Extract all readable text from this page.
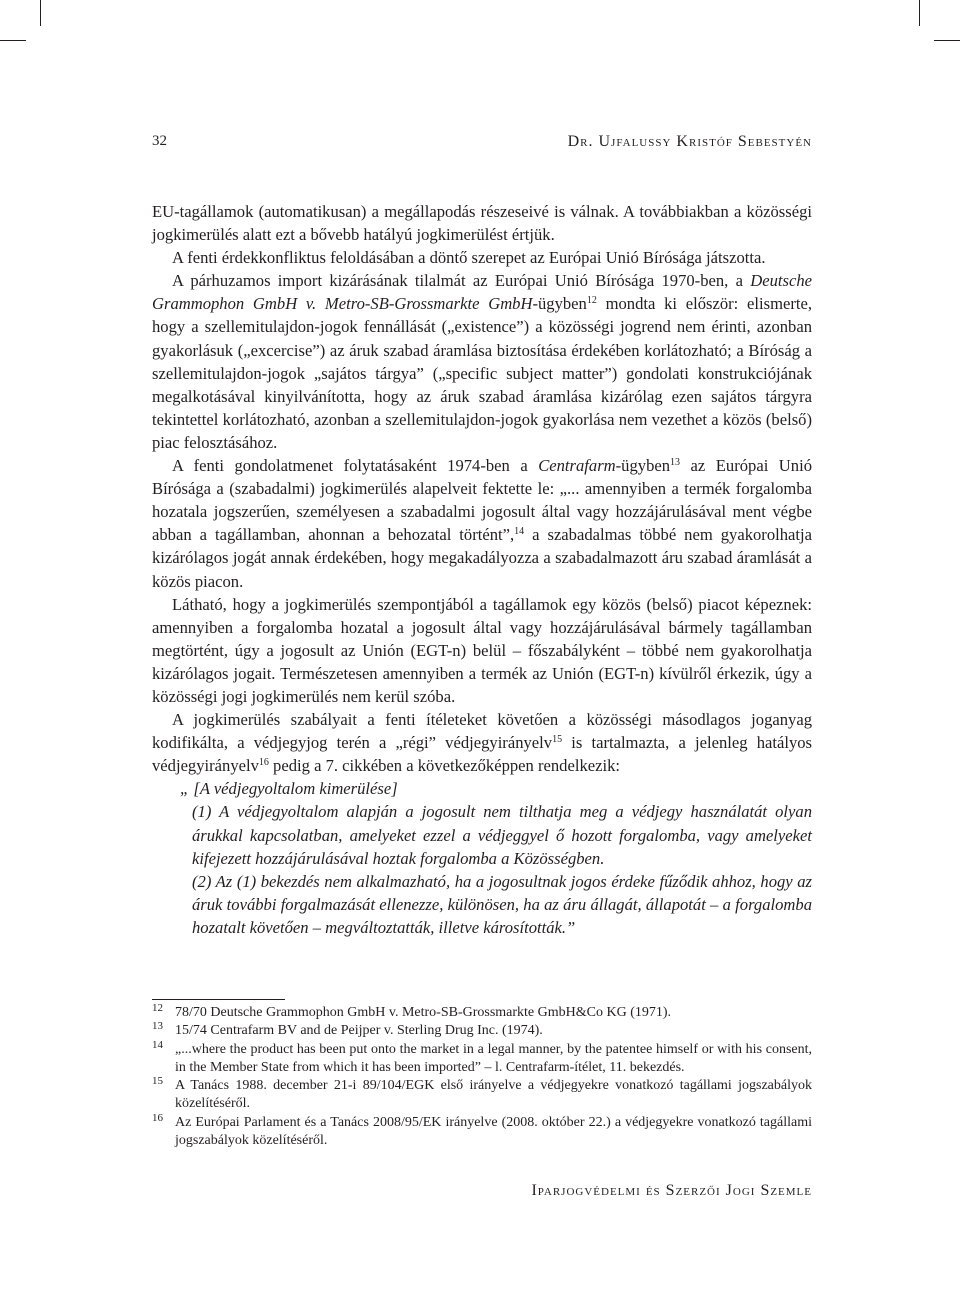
32	Dr. Ujfalussy Kristóf Sebestyén

EU-tagállamok (automatikusan) a megállapodás részeseivé is válnak. A továbbiakban a közösségi jogkimerülés alatt ezt a bővebb hatályú jogkimerülést értjük.

A fenti érdekkonfliktus feloldásában a döntő szerepet az Európai Unió Bírósága játszotta.

A párhuzamos import kizárásának tilalmát az Európai Unió Bírósága 1970-ben, a Deutsche Grammophon GmbH v. Metro-SB-Grossmarkte GmbH-ügyben$^{12}$ mondta ki először: elismerte, hogy a szellemitulajdon-jogok fennállását („existence”) a közösségi jogrend nem érinti, azonban gyakorlásuk („excercise”) az áruk szabad áramlása biztosítása érdekében korlátozható; a Bíróság a szellemitulajdon-jogok „sajátos tárgya” („specific subject matter”) gondolati konstrukciójának megalkotásával kinyilvánította, hogy az áruk szabad áramlása kizárólag ezen sajátos tárgyra tekintettel korlátozható, azonban a szellemitulajdon-jogok gyakorlása nem vezethet a közös (belső) piac felosztásához.

A fenti gondolatmenet folytatásaként 1974-ben a Centrafarm-ügyben$^{13}$ az Európai Unió Bírósága a (szabadalmi) jogkimerülés alapelveit fektette le: „... amennyiben a termék forgalomba hozatala jogszerűen, személyesen a szabadalmi jogosult által vagy hozzájárulásával ment végbe abban a tagállamban, ahonnan a behozatal történt”,$^{14}$ a szabadalmas többé nem gyakorolhatja kizárólagos jogát annak érdekében, hogy megakadályozza a szabadalmazott áru szabad áramlását a közös piacon.

Látható, hogy a jogkimerülés szempontjából a tagállamok egy közös (belső) piacot képeznek: amennyiben a forgalomba hozatal a jogosult által vagy hozzájárulásával bármely tagállamban megtörtént, úgy a jogosult az Unión (EGT-n) belül – főszabályként – többé nem gyakorolhatja kizárólagos jogait. Természetesen amennyiben a termék az Unión (EGT-n) kívülről érkezik, úgy a közösségi jogi jogkimerülés nem kerül szóba.

A jogkimerülés szabályait a fenti ítéleteket követően a közösségi másodlagos joganyag kodifikálta, a védjegyjog terén a „régi” védjegyirányelv$^{15}$ is tartalmazta, a jelenleg hatályos védjegyirányelv$^{16}$ pedig a 7. cikkében a következőképpen rendelkezik:

„ [A védjegyoltalom kimerülése]

(1) A védjegyoltalom alapján a jogosult nem tilthatja meg a védjegy használatát olyan árukkal kapcsolatban, amelyeket ezzel a védjeggyel ő hozott forgalomba, vagy amelyeket kifejezett hozzájárulásával hoztak forgalomba a Közösségben.

(2) Az (1) bekezdés nem alkalmazható, ha a jogosultnak jogos érdeke fűződik ahhoz, hogy az áruk további forgalmazását ellenezze, különösen, ha az áru állagát, állapotát – a forgalomba hozatalt követően – megváltoztatták, illetve károsították.”

12 78/70 Deutsche Grammophon GmbH v. Metro-SB-Grossmarkte GmbH&Co KG (1971).

13 15/74 Centrafarm BV and de Peijper v. Sterling Drug Inc. (1974).

14 „...where the product has been put onto the market in a legal manner, by the patentee himself or with his consent, in the Member State from which it has been imported” – l. Centrafarm-ítélet, 11. bekezdés.

15 A Tanács 1988. december 21-i 89/104/EGK első irányelve a védjegyekre vonatkozó tagállami jogszabályok közelítéséről.

16 Az Európai Parlament és a Tanács 2008/95/EK irányelve (2008. október 22.) a védjegyekre vonatkozó tagállami jogszabályok közelítéséről.

Iparjogvédelmi és Szerzői Jogi Szemle
